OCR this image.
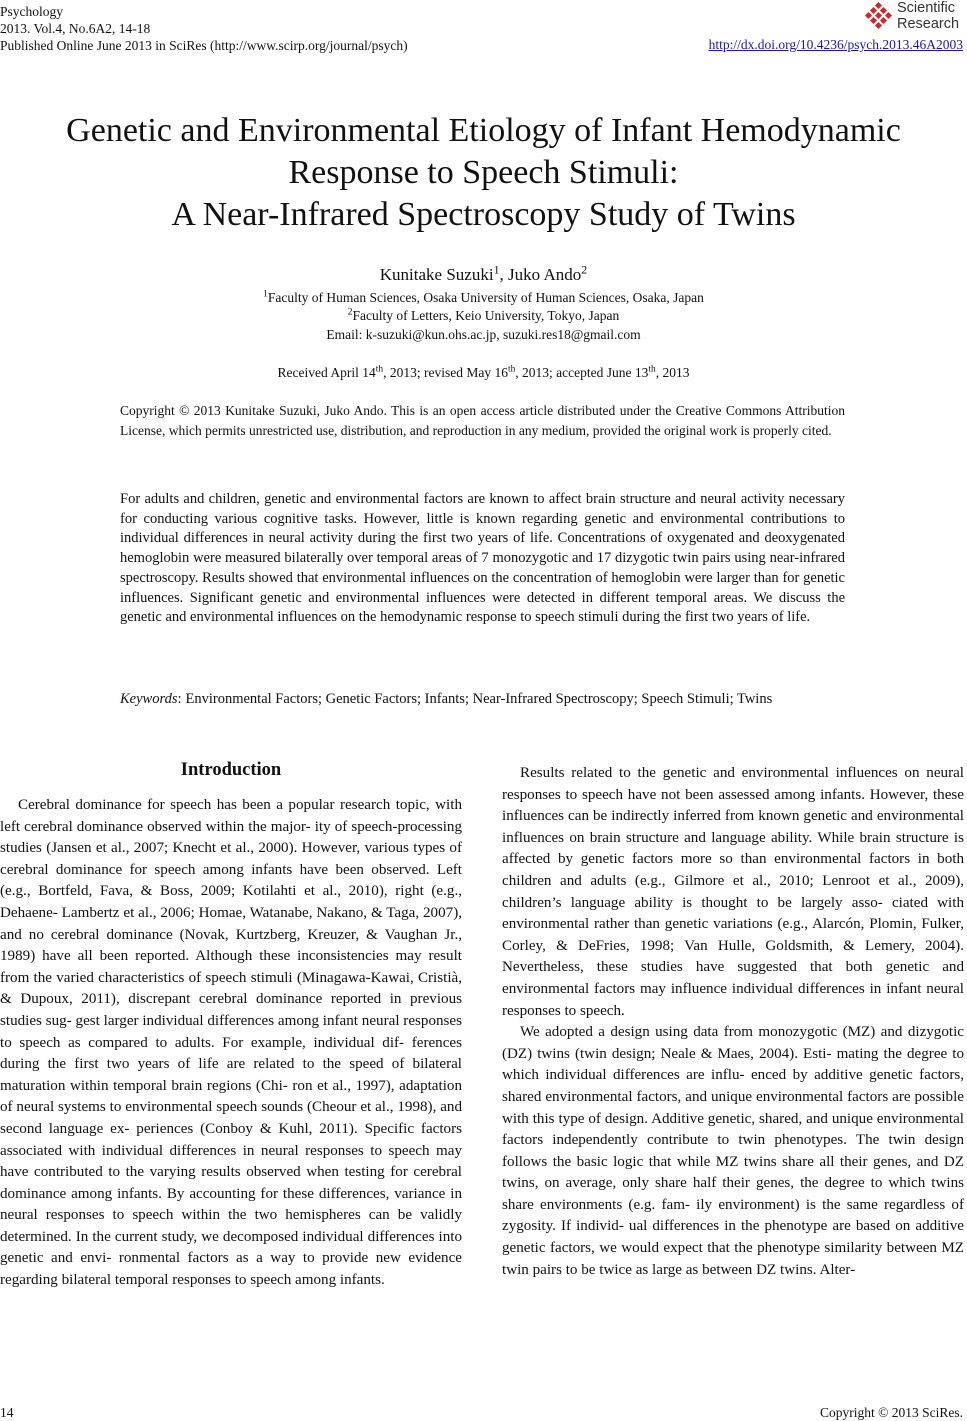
Psychology
2013. Vol.4, No.6A2, 14-18
Published Online June 2013 in SciRes (http://www.scirp.org/journal/psych)	http://dx.doi.org/10.4236/psych.2013.46A2003
Scientific
Research
Genetic and Environmental Etiology of Infant Hemodynamic
Response to Speech Stimuli:
A Near-Infrared Spectroscopy Study of Twins
Kunitake Suzuki$^1$, Juko Ando$^2$
$^1$Faculty of Human Sciences, Osaka University of Human Sciences, Osaka, Japan
$^2$Faculty of Letters, Keio University, Tokyo, Japan
Email: k-suzuki@kun.ohs.ac.jp, suzuki.res18@gmail.com
Received April 14th, 2013; revised May 16th, 2013; accepted June 13th, 2013
Copyright © 2013 Kunitake Suzuki, Juko Ando. This is an open access article distributed under the Creative Commons Attribution License, which permits unrestricted use, distribution, and reproduction in any medium, provided the original work is properly cited.
For adults and children, genetic and environmental factors are known to affect brain structure and neural activity necessary for conducting various cognitive tasks. However, little is known regarding genetic and environmental contributions to individual differences in neural activity during the first two years of life. Concentrations of oxygenated and deoxygenated hemoglobin were measured bilaterally over temporal areas of 7 monozygotic and 17 dizygotic twin pairs using near-infrared spectroscopy. Results showed that environmental influences on the concentration of hemoglobin were larger than for genetic influences. Significant genetic and environmental influences were detected in different temporal areas. We discuss the genetic and environmental influences on the hemodynamic response to speech stimuli during the first two years of life.
Keywords : Environmental Factors; Genetic Factors; Infants; Near-Infrared Spectroscopy; Speech Stimuli; Twins
Introduction

Cerebral dominance for speech has been a popular research topic, with left cerebral dominance observed within the major- ity of speech-processing studies (Jansen et al., 2007; Knecht et al., 2000). However, various types of cerebral dominance for speech among infants have been observed. Left (e.g., Bortfeld, Fava, & Boss, 2009; Kotilahti et al., 2010), right (e.g., Dehaene- Lambertz et al., 2006; Homae, Watanabe, Nakano, & Taga, 2007), and no cerebral dominance (Novak, Kurtzberg, Kreuzer, & Vaughan Jr., 1989) have all been reported. Although these inconsistencies may result from the varied characteristics of speech stimuli (Minagawa-Kawai, Cristià, & Dupoux, 2011), discrepant cerebral dominance reported in previous studies sug- gest larger individual differences among infant neural responses to speech as compared to adults. For example, individual dif- ferences during the first two years of life are related to the speed of bilateral maturation within temporal brain regions (Chi- ron et al., 1997), adaptation of neural systems to environmental speech sounds (Cheour et al., 1998), and second language ex- periences (Conboy & Kuhl, 2011). Specific factors associated with individual differences in neural responses to speech may have contributed to the varying results observed when testing for cerebral dominance among infants. By accounting for these differences, variance in neural responses to speech within the two hemispheres can be validly determined. In the current study, we decomposed individual differences into genetic and envi- ronmental factors as a way to provide new evidence regarding bilateral temporal responses to speech among infants.

Results related to the genetic and environmental influences on neural responses to speech have not been assessed among infants. However, these influences can be indirectly inferred from known genetic and environmental influences on brain structure and language ability. While brain structure is affected by genetic factors more so than environmental factors in both children and adults (e.g., Gilmore et al., 2010; Lenroot et al., 2009), children’s language ability is thought to be largely asso- ciated with environmental rather than genetic variations (e.g., Alarcón, Plomin, Fulker, Corley, & DeFries, 1998; Van Hulle, Goldsmith, & Lemery, 2004). Nevertheless, these studies have suggested that both genetic and environmental factors may influence individual differences in infant neural responses to speech.

We adopted a design using data from monozygotic (MZ) and dizygotic (DZ) twins (twin design; Neale & Maes, 2004). Esti- mating the degree to which individual differences are influ- enced by additive genetic factors, shared environmental factors, and unique environmental factors are possible with this type of design. Additive genetic, shared, and unique environmental factors independently contribute to twin phenotypes. The twin design follows the basic logic that while MZ twins share all their genes, and DZ twins, on average, only share half their genes, the degree to which twins share environments (e.g. fam- ily environment) is the same regardless of zygosity. If individ- ual differences in the phenotype are based on additive genetic factors, we would expect that the phenotype similarity between MZ twin pairs to be twice as large as between DZ twins. Alter-

14	Copyright © 2013 SciRes.
